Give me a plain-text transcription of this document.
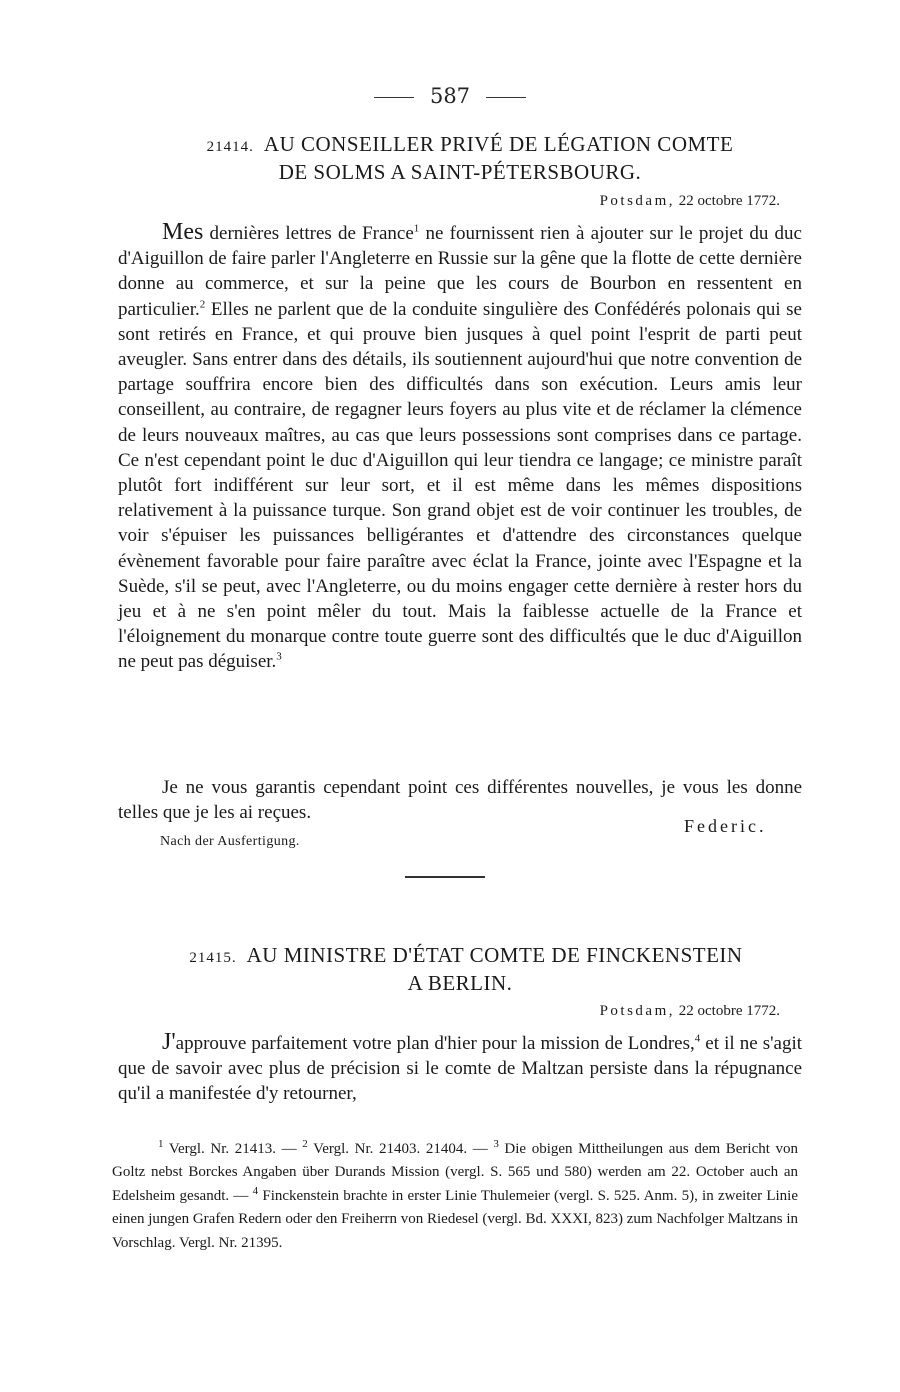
587
21414. AU CONSEILLER PRIVÉ DE LÉGATION COMTE
DE SOLMS A SAINT-PÉTERSBOURG.
Potsdam, 22 octobre 1772.
Mes dernières lettres de France$^1$ ne fournissent rien à ajouter sur le projet du duc d'Aiguillon de faire parler l'Angleterre en Russie sur la gêne que la flotte de cette dernière donne au commerce, et sur la peine que les cours de Bourbon en ressentent en particulier.$^2$ Elles ne parlent que de la conduite singulière des Confédérés polonais qui se sont retirés en France, et qui prouve bien jusques à quel point l'esprit de parti peut aveugler. Sans entrer dans des détails, ils soutiennent aujourd'hui que notre convention de partage souffrira encore bien des difficultés dans son exécution. Leurs amis leur conseillent, au contraire, de regagner leurs foyers au plus vite et de réclamer la clémence de leurs nouveaux maîtres, au cas que leurs possessions sont comprises dans ce partage. Ce n'est cependant point le duc d'Aiguillon qui leur tiendra ce langage; ce ministre paraît plutôt fort indifférent sur leur sort, et il est même dans les mêmes dispositions relativement à la puissance turque. Son grand objet est de voir continuer les troubles, de voir s'épuiser les puissances belligérantes et d'attendre des circonstances quelque évènement favorable pour faire paraître avec éclat la France, jointe avec l'Espagne et la Suède, s'il se peut, avec l'Angleterre, ou du moins engager cette dernière à rester hors du jeu et à ne s'en point mêler du tout. Mais la faiblesse actuelle de la France et l'éloignement du monarque contre toute guerre sont des difficultés que le duc d'Aiguillon ne peut pas déguiser.$^3$
Je ne vous garantis cependant point ces différentes nouvelles, je vous les donne telles que je les ai reçues.
Federic.
Nach der Ausfertigung.
21415. AU MINISTRE D'ÉTAT COMTE DE FINCKENSTEIN
A BERLIN.
Potsdam, 22 octobre 1772.
J'approuve parfaitement votre plan d'hier pour la mission de Londres,$^4$ et il ne s'agit que de savoir avec plus de précision si le comte de Maltzan persiste dans la répugnance qu'il a manifestée d'y retourner,
$^1$ Vergl. Nr. 21413. — $^2$ Vergl. Nr. 21403. 21404. — $^3$ Die obigen Mittheilungen aus dem Bericht von Goltz nebst Borckes Angaben über Durands Mission (vergl. S. 565 und 580) werden am 22. October auch an Edelsheim gesandt. — $^4$ Finckenstein brachte in erster Linie Thulemeier (vergl. S. 525. Anm. 5), in zweiter Linie einen jungen Grafen Redern oder den Freiherrn von Riedesel (vergl. Bd. XXXI, 823) zum Nachfolger Maltzans in Vorschlag. Vergl. Nr. 21395.
